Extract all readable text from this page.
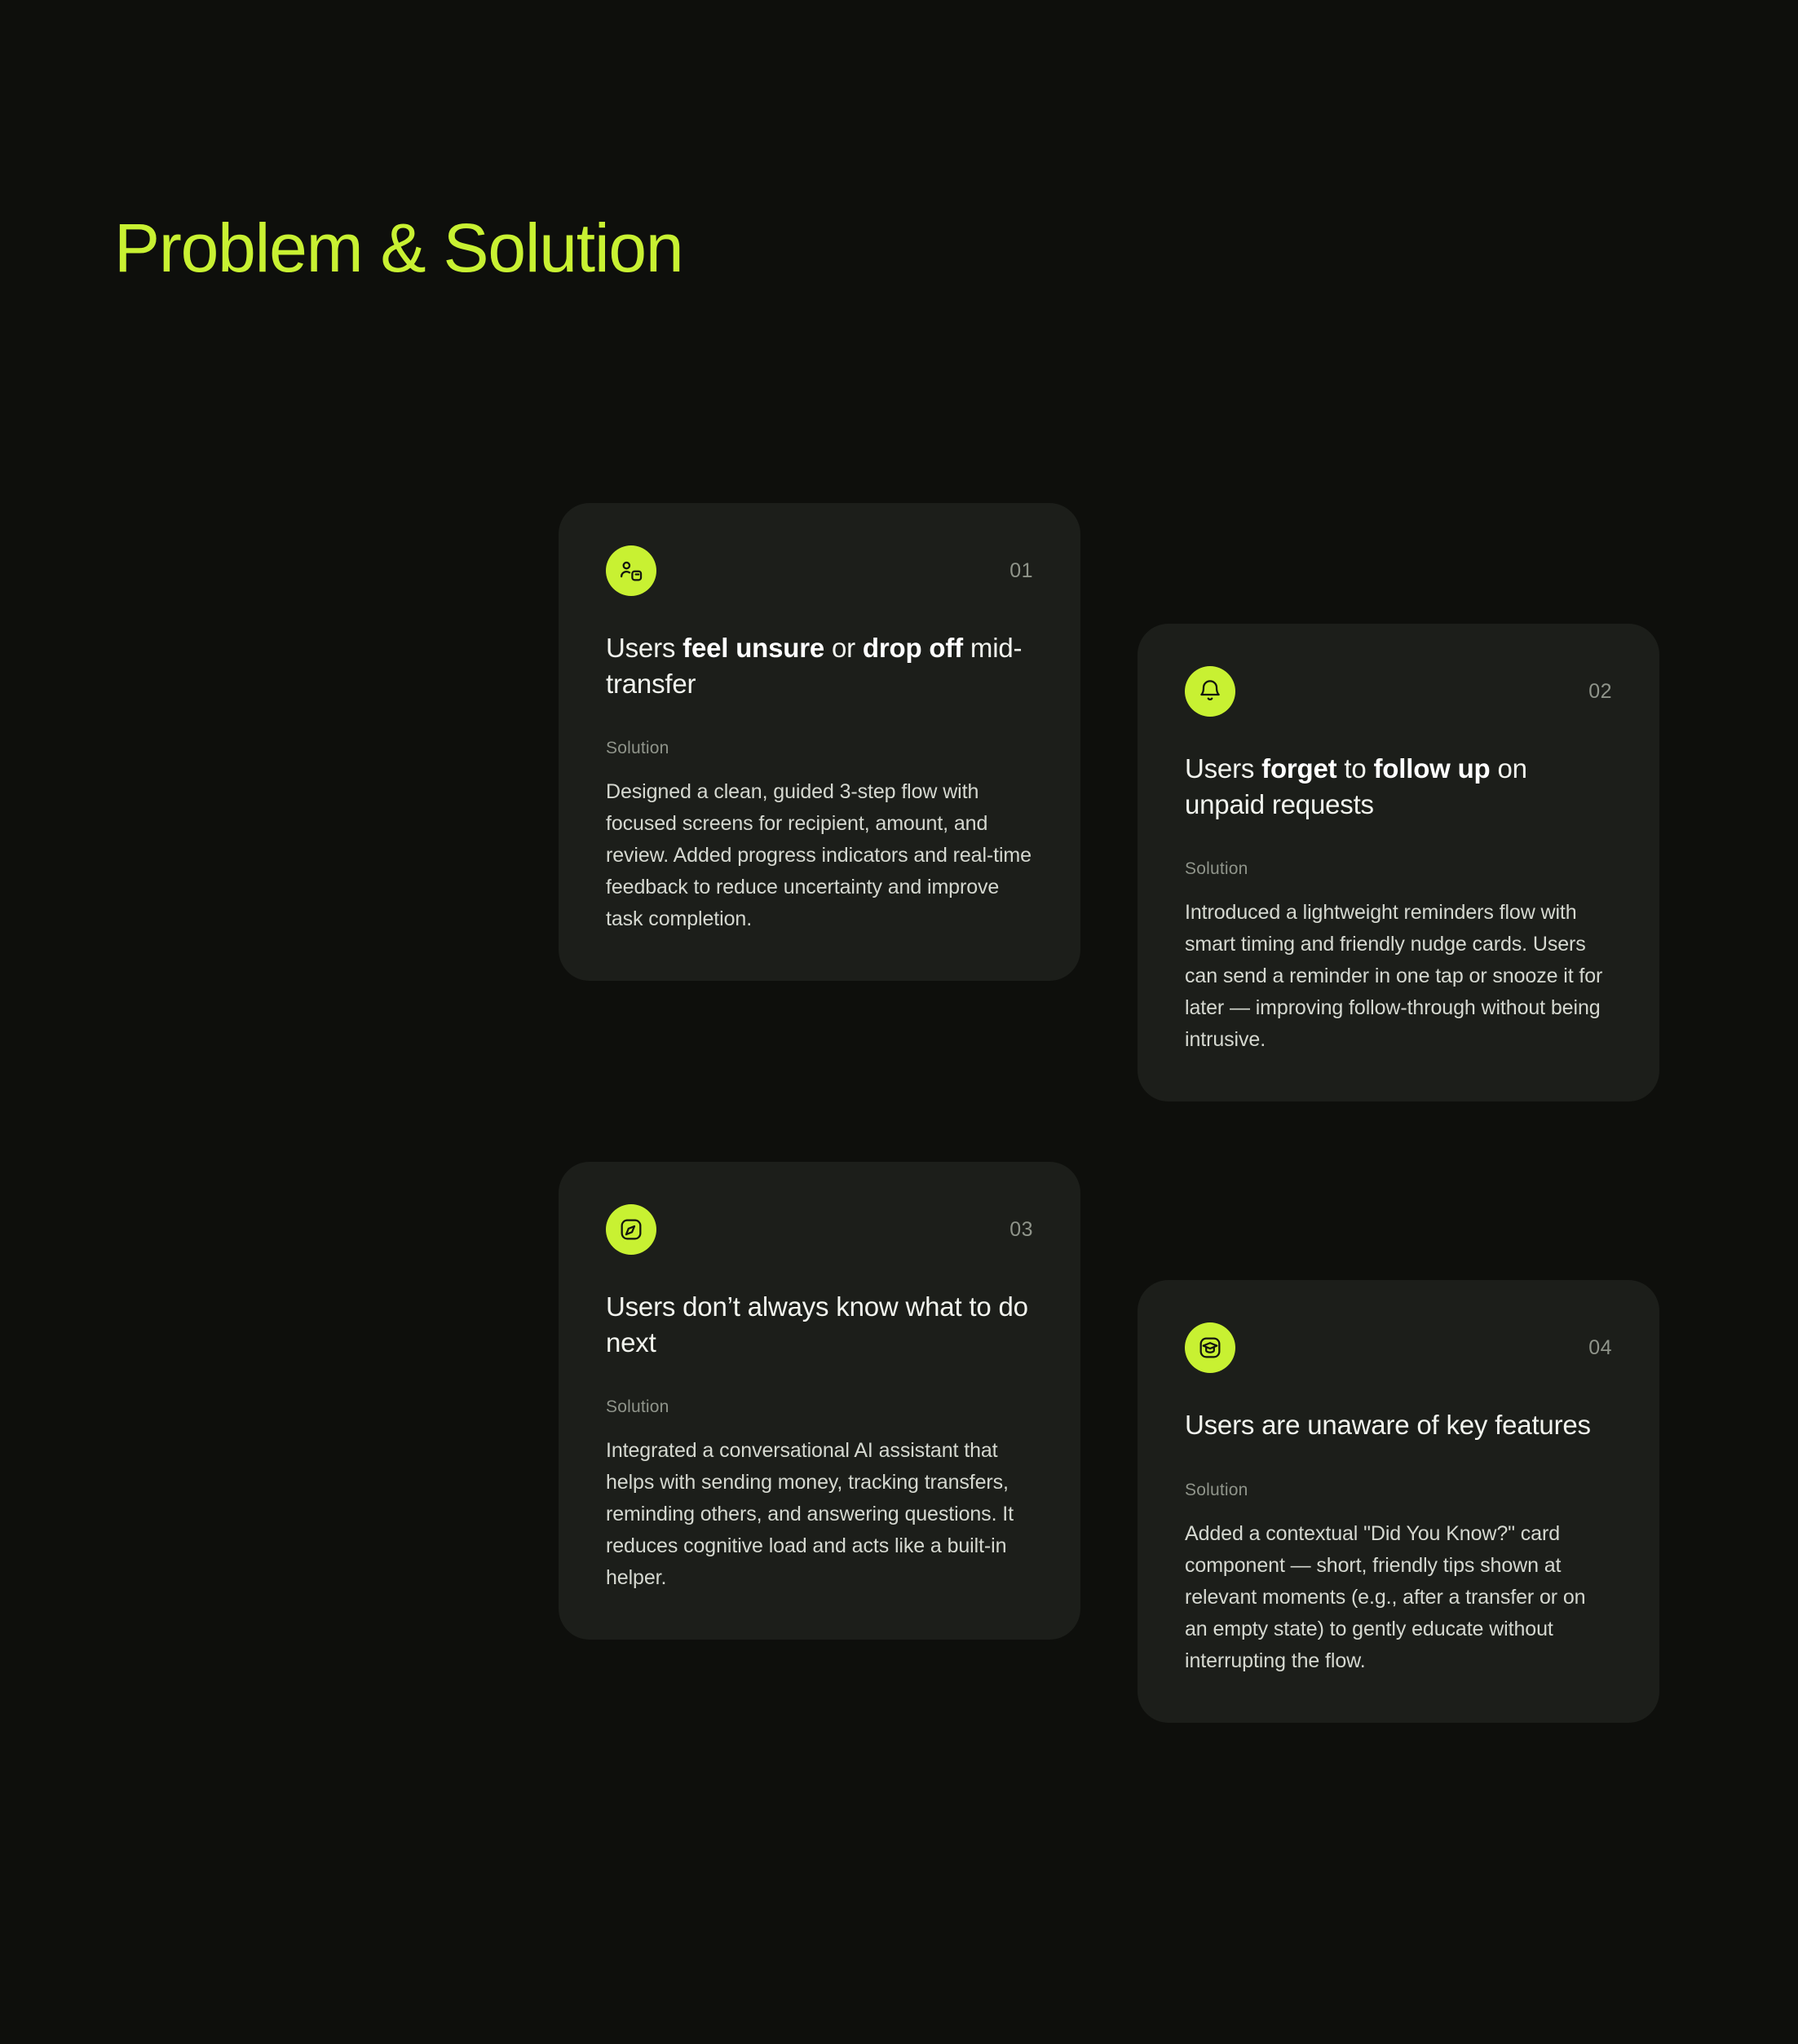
Problem & Solution
01
Users feel unsure or drop off mid-transfer
Solution
Designed a clean, guided 3-step flow with focused screens for recipient, amount, and review. Added progress indicators and real-time feedback to reduce uncertainty and improve task completion.
02
Users forget to follow up on unpaid requests
Solution
Introduced a lightweight reminders flow with smart timing and friendly nudge cards. Users can send a reminder in one tap or snooze it for later — improving follow-through without being intrusive.
03
Users don’t always know what to do next
Solution
Integrated a conversational AI assistant that helps with sending money, tracking transfers, reminding others, and answering questions. It reduces cognitive load and acts like a built-in helper.
04
Users are unaware of key features
Solution
Added a contextual "Did You Know?" card component — short, friendly tips shown at relevant moments (e.g., after a transfer or on an empty state) to gently educate without interrupting the flow.
